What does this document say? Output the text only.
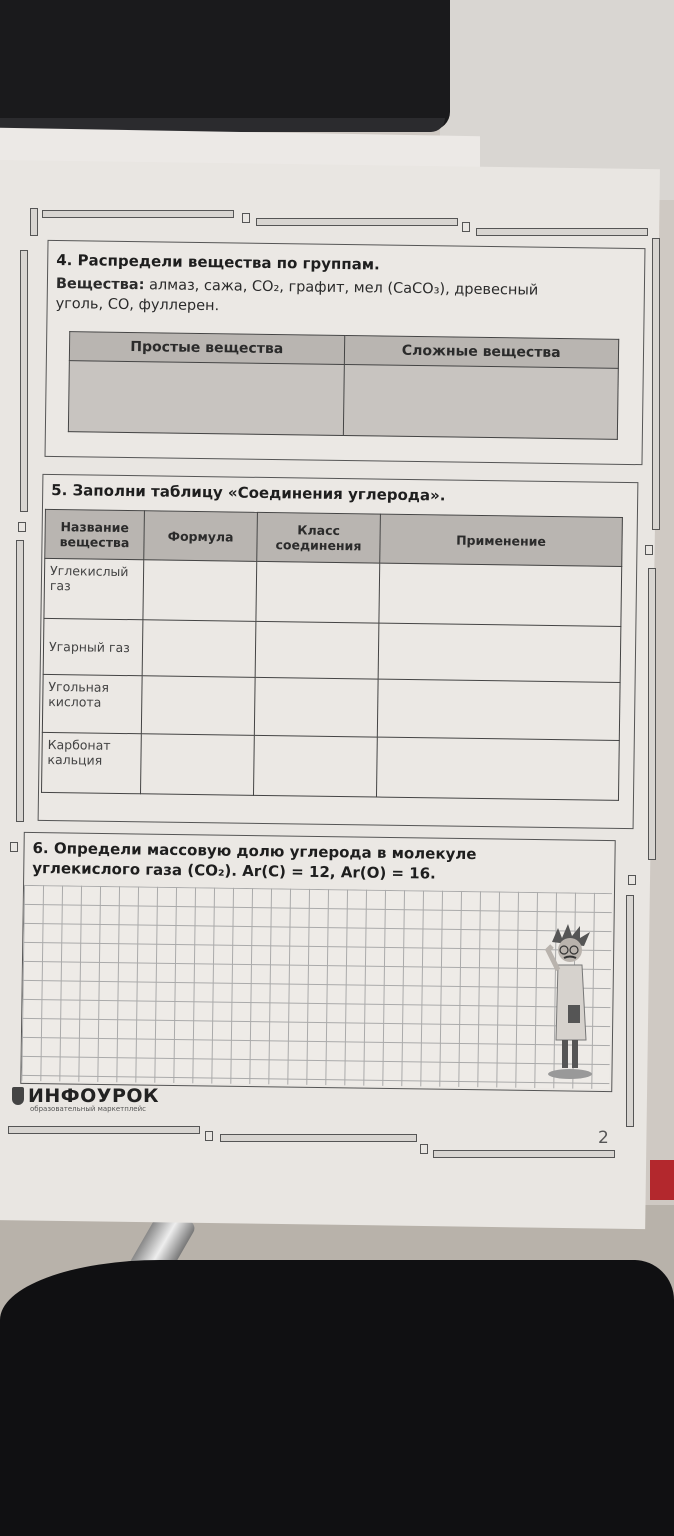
4. Распредели вещества по группам.
Вещества: алмаз, сажа, CO₂, графит, мел (CaCO₃), древесный
уголь, CO, фуллерен.
Простые вещества	Сложные вещества

5. Заполни таблицу «Соединения углерода».
Название вещества	Формула	Класс соединения	Применение
Углекислый газ			
Угарный газ			
Угольная кислота			
Карбонат кальция			
6. Определи массовую долю углерода в молекуле
углекислого газа (CO₂). Ar(C) = 12, Ar(O) = 16.
ИНФОУРОК
образовательный маркетплейс
2
